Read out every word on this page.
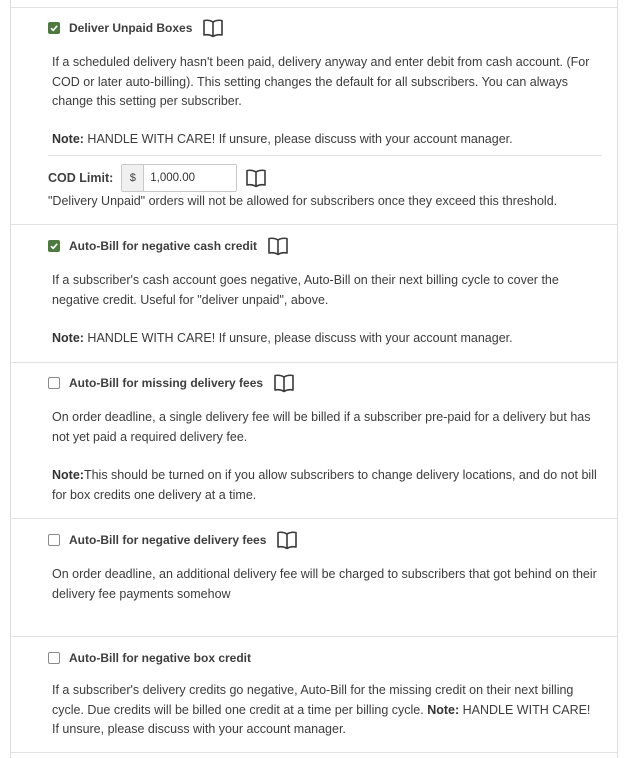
Deliver Unpaid Boxes

If a scheduled delivery hasn't been paid, delivery anyway and enter debit from cash account. (For COD or later auto-billing). This setting changes the default for all subscribers. You can always change this setting per subscriber.

Note: HANDLE WITH CARE! If unsure, please discuss with your account manager.

COD Limit:	$
1,000.00

"Delivery Unpaid" orders will not be allowed for subscribers once they exceed this threshold.

Auto-Bill for negative cash credit

If a subscriber's cash account goes negative, Auto-Bill on their next billing cycle to cover the negative credit. Useful for "deliver unpaid", above.

Note: HANDLE WITH CARE! If unsure, please discuss with your account manager.

Auto-Bill for missing delivery fees

On order deadline, a single delivery fee will be billed if a subscriber pre-paid for a delivery but has not yet paid a required delivery fee.

Note:This should be turned on if you allow subscribers to change delivery locations, and do not bill for box credits one delivery at a time.

Auto-Bill for negative delivery fees

On order deadline, an additional delivery fee will be charged to subscribers that got behind on their delivery fee payments somehow

Auto-Bill for negative box credit

If a subscriber's delivery credits go negative, Auto-Bill for the missing credit on their next billing cycle. Due credits will be billed one credit at a time per billing cycle. Note: HANDLE WITH CARE! If unsure, please discuss with your account manager.
